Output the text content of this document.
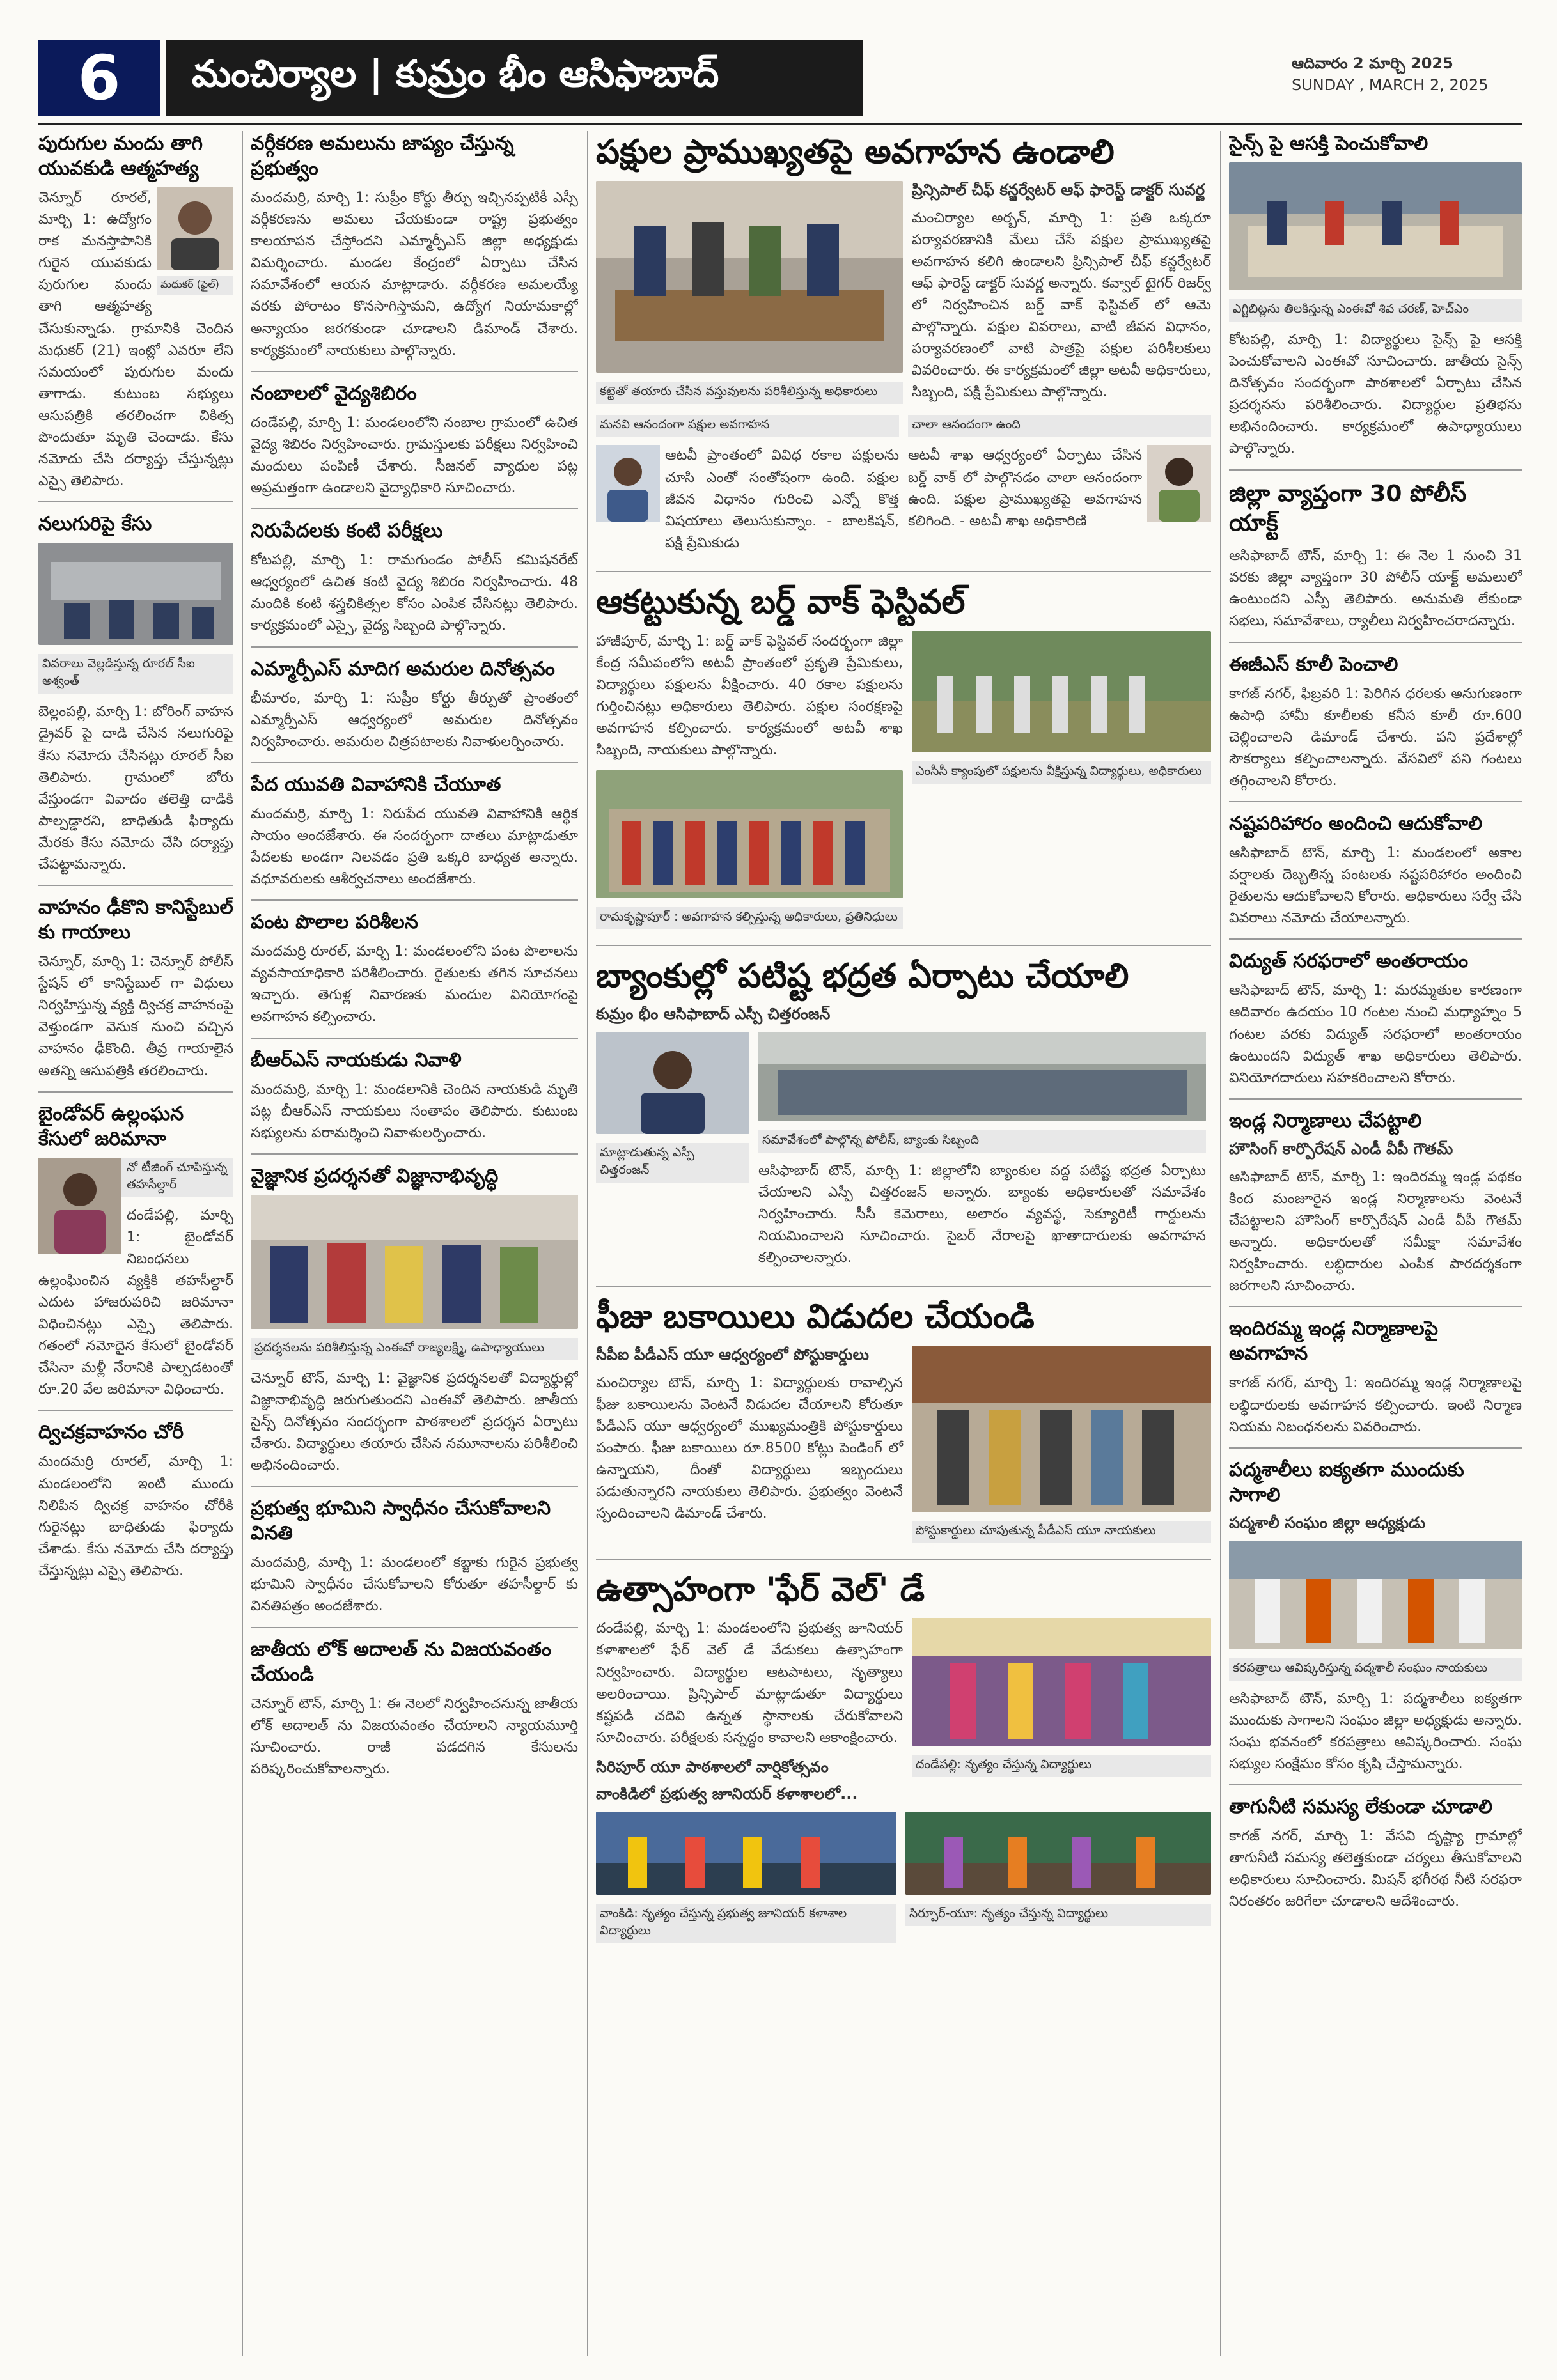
6	మంచిర్యాల | కుమ్రం భీం ఆసిఫాబాద్	ఆదివారం 2 మార్చి 2025
SUNDAY , MARCH 2, 2025
పురుగుల మందు తాగి యువకుడి ఆత్మహత్య
మధుకర్ (ఫైల్)
చెన్నూర్ రూరల్, మార్చి 1: ఉద్యోగం రాక మనస్తాపానికి గురైన యువకుడు పురుగుల మందు తాగి ఆత్మహత్య చేసుకున్నాడు. గ్రామానికి చెందిన మధుకర్ (21) ఇంట్లో ఎవరూ లేని సమయంలో పురుగుల మందు తాగాడు. కుటుంబ సభ్యులు ఆసుపత్రికి తరలించగా చికిత్స పొందుతూ మృతి చెందాడు. కేసు నమోదు చేసి దర్యాప్తు చేస్తున్నట్లు ఎస్సై తెలిపారు.
నలుగురిపై కేసు
వివరాలు వెల్లడిస్తున్న రూరల్ సీఐ అశ్వంత్
బెల్లంపల్లి, మార్చి 1: బోరింగ్ వాహన డ్రైవర్ పై దాడి చేసిన నలుగురిపై కేసు నమోదు చేసినట్లు రూరల్ సీఐ తెలిపారు. గ్రామంలో బోరు వేస్తుండగా వివాదం తలెత్తి దాడికి పాల్పడ్డారని, బాధితుడి ఫిర్యాదు మేరకు కేసు నమోదు చేసి దర్యాప్తు చేపట్టామన్నారు.
వాహనం ఢీకొని కానిస్టేబుల్ కు గాయాలు
చెన్నూర్, మార్చి 1: చెన్నూర్ పోలీస్ స్టేషన్ లో కానిస్టేబుల్ గా విధులు నిర్వహిస్తున్న వ్యక్తి ద్విచక్ర వాహనంపై వెళ్తుండగా వెనుక నుంచి వచ్చిన వాహనం ఢీకొంది. తీవ్ర గాయాలైన అతన్ని ఆసుపత్రికి తరలించారు.
బైండోవర్ ఉల్లంఘన కేసులో జరిమానా
నో టీజింగ్ చూపిస్తున్న తహసీల్దార్
దండేపల్లి, మార్చి 1: బైండోవర్ నిబంధనలు ఉల్లంఘించిన వ్యక్తికి తహసీల్దార్ ఎదుట హాజరుపరిచి జరిమానా విధించినట్లు ఎస్సై తెలిపారు. గతంలో నమోదైన కేసులో బైండోవర్ చేసినా మళ్లీ నేరానికి పాల్పడటంతో రూ.20 వేల జరిమానా విధించారు.
ద్విచక్రవాహనం చోరీ
మందమర్రి రూరల్, మార్చి 1: మండలంలోని ఇంటి ముందు నిలిపిన ద్విచక్ర వాహనం చోరీకి గురైనట్లు బాధితుడు ఫిర్యాదు చేశాడు. కేసు నమోదు చేసి దర్యాప్తు చేస్తున్నట్లు ఎస్సై తెలిపారు.
వర్గీకరణ అమలును జాప్యం చేస్తున్న ప్రభుత్వం
మందమర్రి, మార్చి 1: సుప్రీం కోర్టు తీర్పు ఇచ్చినప్పటికీ ఎస్సీ వర్గీకరణను అమలు చేయకుండా రాష్ట్ర ప్రభుత్వం కాలయాపన చేస్తోందని ఎమ్మార్పీఎస్ జిల్లా అధ్యక్షుడు విమర్శించారు. మండల కేంద్రంలో ఏర్పాటు చేసిన సమావేశంలో ఆయన మాట్లాడారు. వర్గీకరణ అమలయ్యే వరకు పోరాటం కొనసాగిస్తామని, ఉద్యోగ నియామకాల్లో అన్యాయం జరగకుండా చూడాలని డిమాండ్ చేశారు. కార్యక్రమంలో నాయకులు పాల్గొన్నారు.
నంబాలలో వైద్యశిబిరం
దండేపల్లి, మార్చి 1: మండలంలోని నంబాల గ్రామంలో ఉచిత వైద్య శిబిరం నిర్వహించారు. గ్రామస్తులకు పరీక్షలు నిర్వహించి మందులు పంపిణీ చేశారు. సీజనల్ వ్యాధుల పట్ల అప్రమత్తంగా ఉండాలని వైద్యాధికారి సూచించారు.
నిరుపేదలకు కంటి పరీక్షలు
కోటపల్లి, మార్చి 1: రామగుండం పోలీస్ కమిషనరేట్ ఆధ్వర్యంలో ఉచిత కంటి వైద్య శిబిరం నిర్వహించారు. 48 మందికి కంటి శస్త్రచికిత్సల కోసం ఎంపిక చేసినట్లు తెలిపారు. కార్యక్రమంలో ఎస్సై, వైద్య సిబ్బంది పాల్గొన్నారు.
ఎమ్మార్పీఎస్ మాదిగ అమరుల దినోత్సవం
భీమారం, మార్చి 1: సుప్రీం కోర్టు తీర్పుతో ప్రాంతంలో ఎమ్మార్పీఎస్ ఆధ్వర్యంలో అమరుల దినోత్సవం నిర్వహించారు. అమరుల చిత్రపటాలకు నివాళులర్పించారు.
పేద యువతి వివాహానికి చేయూత
మందమర్రి, మార్చి 1: నిరుపేద యువతి వివాహానికి ఆర్థిక సాయం అందజేశారు. ఈ సందర్భంగా దాతలు మాట్లాడుతూ పేదలకు అండగా నిలవడం ప్రతి ఒక్కరి బాధ్యత అన్నారు. వధూవరులకు ఆశీర్వచనాలు అందజేశారు.
పంట పొలాల పరిశీలన
మందమర్రి రూరల్, మార్చి 1: మండలంలోని పంట పొలాలను వ్యవసాయాధికారి పరిశీలించారు. రైతులకు తగిన సూచనలు ఇచ్చారు. తెగుళ్ల నివారణకు మందుల వినియోగంపై అవగాహన కల్పించారు.
బీఆర్ఎస్ నాయకుడు నివాళి
మందమర్రి, మార్చి 1: మండలానికి చెందిన నాయకుడి మృతి పట్ల బీఆర్ఎస్ నాయకులు సంతాపం తెలిపారు. కుటుంబ సభ్యులను పరామర్శించి నివాళులర్పించారు.
వైజ్ఞానిక ప్రదర్శనతో విజ్ఞానాభివృద్ధి
ప్రదర్శనలను పరిశీలిస్తున్న ఎంఈవో రాజ్యలక్ష్మి, ఉపాధ్యాయులు
చెన్నూర్ టౌన్, మార్చి 1: వైజ్ఞానిక ప్రదర్శనలతో విద్యార్థుల్లో విజ్ఞానాభివృద్ధి జరుగుతుందని ఎంఈవో తెలిపారు. జాతీయ సైన్స్ దినోత్సవం సందర్భంగా పాఠశాలలో ప్రదర్శన ఏర్పాటు చేశారు. విద్యార్థులు తయారు చేసిన నమూనాలను పరిశీలించి అభినందించారు.
ప్రభుత్వ భూమిని స్వాధీనం చేసుకోవాలని వినతి
మందమర్రి, మార్చి 1: మండలంలో కబ్జాకు గురైన ప్రభుత్వ భూమిని స్వాధీనం చేసుకోవాలని కోరుతూ తహసీల్దార్ కు వినతిపత్రం అందజేశారు.
జాతీయ లోక్ అదాలత్ ను విజయవంతం చేయండి
చెన్నూర్ టౌన్, మార్చి 1: ఈ నెలలో నిర్వహించనున్న జాతీయ లోక్ అదాలత్ ను విజయవంతం చేయాలని న్యాయమూర్తి సూచించారు. రాజీ పడదగిన కేసులను పరిష్కరించుకోవాలన్నారు.
పక్షుల ప్రాముఖ్యతపై అవగాహన ఉండాలి
కట్టెతో తయారు చేసిన వస్తువులను పరిశీలిస్తున్న అధికారులు
ప్రిన్సిపాల్ చీఫ్ కన్జర్వేటర్ ఆఫ్ ఫారెస్ట్ డాక్టర్ సువర్ణ
మంచిర్యాల అర్బన్, మార్చి 1: ప్రతి ఒక్కరూ పర్యావరణానికి మేలు చేసే పక్షుల ప్రాముఖ్యతపై అవగాహన కలిగి ఉండాలని ప్రిన్సిపాల్ చీఫ్ కన్జర్వేటర్ ఆఫ్ ఫారెస్ట్ డాక్టర్ సువర్ణ అన్నారు. కవ్వాల్ టైగర్ రిజర్వ్ లో నిర్వహించిన బర్డ్ వాక్ ఫెస్టివల్ లో ఆమె పాల్గొన్నారు. పక్షుల వివరాలు, వాటి జీవన విధానం, పర్యావరణంలో వాటి పాత్రపై పక్షుల పరిశీలకులు వివరించారు. ఈ కార్యక్రమంలో జిల్లా అటవీ అధికారులు, సిబ్బంది, పక్షి ప్రేమికులు పాల్గొన్నారు.
మనవి ఆనందంగా పక్షుల అవగాహన
ఆటవీ ప్రాంతంలో వివిధ రకాల పక్షులను చూసి ఎంతో సంతోషంగా ఉంది. పక్షుల జీవన విధానం గురించి ఎన్నో కొత్త విషయాలు తెలుసుకున్నాం. - బాలకిషన్, పక్షి ప్రేమికుడు
చాలా ఆనందంగా ఉంది
ఆటవీ శాఖ ఆధ్వర్యంలో ఏర్పాటు చేసిన బర్డ్ వాక్ లో పాల్గొనడం చాలా ఆనందంగా ఉంది. పక్షుల ప్రాముఖ్యతపై అవగాహన కలిగింది. - అటవీ శాఖ అధికారిణి
ఆకట్టుకున్న బర్డ్ వాక్ ఫెస్టివల్
హాజీపూర్, మార్చి 1: బర్డ్ వాక్ ఫెస్టివల్ సందర్భంగా జిల్లా కేంద్ర సమీపంలోని అటవీ ప్రాంతంలో ప్రకృతి ప్రేమికులు, విద్యార్థులు పక్షులను వీక్షించారు. 40 రకాల పక్షులను గుర్తించినట్లు అధికారులు తెలిపారు. పక్షుల సంరక్షణపై అవగాహన కల్పించారు. కార్యక్రమంలో అటవీ శాఖ సిబ్బంది, నాయకులు పాల్గొన్నారు.
రామకృష్ణాపూర్ : అవగాహన కల్పిస్తున్న అధికారులు, ప్రతినిధులు
ఎంసీసీ క్యాంపులో పక్షులను వీక్షిస్తున్న విద్యార్థులు, అధికారులు
బ్యాంకుల్లో పటిష్ట భద్రత ఏర్పాటు చేయాలి
కుమ్రం భీం ఆసిఫాబాద్ ఎస్పీ చిత్తరంజన్
మాట్లాడుతున్న ఎస్పీ చిత్తరంజన్
సమావేశంలో పాల్గొన్న పోలీస్, బ్యాంకు సిబ్బంది
ఆసిఫాబాద్ టౌన్, మార్చి 1: జిల్లాలోని బ్యాంకుల వద్ద పటిష్ట భద్రత ఏర్పాటు చేయాలని ఎస్పీ చిత్తరంజన్ అన్నారు. బ్యాంకు అధికారులతో సమావేశం నిర్వహించారు. సీసీ కెమెరాలు, అలారం వ్యవస్థ, సెక్యూరిటీ గార్డులను నియమించాలని సూచించారు. సైబర్ నేరాలపై ఖాతాదారులకు అవగాహన కల్పించాలన్నారు.
ఫీజు బకాయిలు విడుదల చేయండి
సీపీఐ పీడీఎస్ యూ ఆధ్వర్యంలో పోస్టుకార్డులు
మంచిర్యాల టౌన్, మార్చి 1: విద్యార్థులకు రావాల్సిన ఫీజు బకాయిలను వెంటనే విడుదల చేయాలని కోరుతూ పీడీఎస్ యూ ఆధ్వర్యంలో ముఖ్యమంత్రికి పోస్టుకార్డులు పంపారు. ఫీజు బకాయిలు రూ.8500 కోట్లు పెండింగ్ లో ఉన్నాయని, దీంతో విద్యార్థులు ఇబ్బందులు పడుతున్నారని నాయకులు తెలిపారు. ప్రభుత్వం వెంటనే స్పందించాలని డిమాండ్ చేశారు.
పోస్టుకార్డులు చూపుతున్న పీడీఎస్ యూ నాయకులు
ఉత్సాహంగా 'ఫేర్ వెల్' డే
దండేపల్లి, మార్చి 1: మండలంలోని ప్రభుత్వ జూనియర్ కళాశాలలో ఫేర్ వెల్ డే వేడుకలు ఉత్సాహంగా నిర్వహించారు. విద్యార్థుల ఆటపాటలు, నృత్యాలు అలరించాయి. ప్రిన్సిపాల్ మాట్లాడుతూ విద్యార్థులు కష్టపడి చదివి ఉన్నత స్థానాలకు చేరుకోవాలని సూచించారు. పరీక్షలకు సన్నద్ధం కావాలని ఆకాంక్షించారు.
సిరిపూర్ యూ పాఠశాలలో వార్షికోత్సవం
వాంకిడిలో ప్రభుత్వ జూనియర్ కళాశాలలో...
దండేపల్లి: నృత్యం చేస్తున్న విద్యార్థులు
వాంకిడి: నృత్యం చేస్తున్న ప్రభుత్వ జూనియర్ కళాశాల విద్యార్థులు
సిర్పూర్-యూ: నృత్యం చేస్తున్న విద్యార్థులు
సైన్స్ పై ఆసక్తి పెంచుకోవాలి
ఎగ్జిబిట్లను తిలకిస్తున్న ఎంఈవో శివ చరణ్, హెచ్ఎం
కోటపల్లి, మార్చి 1: విద్యార్థులు సైన్స్ పై ఆసక్తి పెంచుకోవాలని ఎంఈవో సూచించారు. జాతీయ సైన్స్ దినోత్సవం సందర్భంగా పాఠశాలలో ఏర్పాటు చేసిన ప్రదర్శనను పరిశీలించారు. విద్యార్థుల ప్రతిభను అభినందించారు. కార్యక్రమంలో ఉపాధ్యాయులు పాల్గొన్నారు.
జిల్లా వ్యాప్తంగా 30 పోలీస్ యాక్ట్
ఆసిఫాబాద్ టౌన్, మార్చి 1: ఈ నెల 1 నుంచి 31 వరకు జిల్లా వ్యాప్తంగా 30 పోలీస్ యాక్ట్ అమలులో ఉంటుందని ఎస్పీ తెలిపారు. అనుమతి లేకుండా సభలు, సమావేశాలు, ర్యాలీలు నిర్వహించరాదన్నారు.
ఈజీఎస్ కూలీ పెంచాలి
కాగజ్ నగర్, ఫిబ్రవరి 1: పెరిగిన ధరలకు అనుగుణంగా ఉపాధి హామీ కూలీలకు కనీస కూలీ రూ.600 చెల్లించాలని డిమాండ్ చేశారు. పని ప్రదేశాల్లో సౌకర్యాలు కల్పించాలన్నారు. వేసవిలో పని గంటలు తగ్గించాలని కోరారు.
నష్టపరిహారం అందించి ఆదుకోవాలి
ఆసిఫాబాద్ టౌన్, మార్చి 1: మండలంలో అకాల వర్షాలకు దెబ్బతిన్న పంటలకు నష్టపరిహారం అందించి రైతులను ఆదుకోవాలని కోరారు. అధికారులు సర్వే చేసి వివరాలు నమోదు చేయాలన్నారు.
విద్యుత్ సరఫరాలో అంతరాయం
ఆసిఫాబాద్ టౌన్, మార్చి 1: మరమ్మతుల కారణంగా ఆదివారం ఉదయం 10 గంటల నుంచి మధ్యాహ్నం 5 గంటల వరకు విద్యుత్ సరఫరాలో అంతరాయం ఉంటుందని విద్యుత్ శాఖ అధికారులు తెలిపారు. వినియోగదారులు సహకరించాలని కోరారు.
ఇండ్ల నిర్మాణాలు చేపట్టాలి
హౌసింగ్ కార్పొరేషన్ ఎండీ వీపీ గౌతమ్
ఆసిఫాబాద్ టౌన్, మార్చి 1: ఇందిరమ్మ ఇండ్ల పథకం కింద మంజూరైన ఇండ్ల నిర్మాణాలను వెంటనే చేపట్టాలని హౌసింగ్ కార్పొరేషన్ ఎండీ వీపీ గౌతమ్ అన్నారు. అధికారులతో సమీక్షా సమావేశం నిర్వహించారు. లబ్ధిదారుల ఎంపిక పారదర్శకంగా జరగాలని సూచించారు.
ఇందిరమ్మ ఇండ్ల నిర్మాణాలపై అవగాహన
కాగజ్ నగర్, మార్చి 1: ఇందిరమ్మ ఇండ్ల నిర్మాణాలపై లబ్ధిదారులకు అవగాహన కల్పించారు. ఇంటి నిర్మాణ నియమ నిబంధనలను వివరించారు.
పద్మశాలీలు ఐక్యతగా ముందుకు సాగాలి
పద్మశాలీ సంఘం జిల్లా అధ్యక్షుడు
కరపత్రాలు ఆవిష్కరిస్తున్న పద్మశాలీ సంఘం నాయకులు
ఆసిఫాబాద్ టౌన్, మార్చి 1: పద్మశాలీలు ఐక్యతగా ముందుకు సాగాలని సంఘం జిల్లా అధ్యక్షుడు అన్నారు. సంఘ భవనంలో కరపత్రాలు ఆవిష్కరించారు. సంఘ సభ్యుల సంక్షేమం కోసం కృషి చేస్తామన్నారు.
తాగునీటి సమస్య లేకుండా చూడాలి
కాగజ్ నగర్, మార్చి 1: వేసవి దృష్ట్యా గ్రామాల్లో తాగునీటి సమస్య తలెత్తకుండా చర్యలు తీసుకోవాలని అధికారులు సూచించారు. మిషన్ భగీరథ నీటి సరఫరా నిరంతరం జరిగేలా చూడాలని ఆదేశించారు.
